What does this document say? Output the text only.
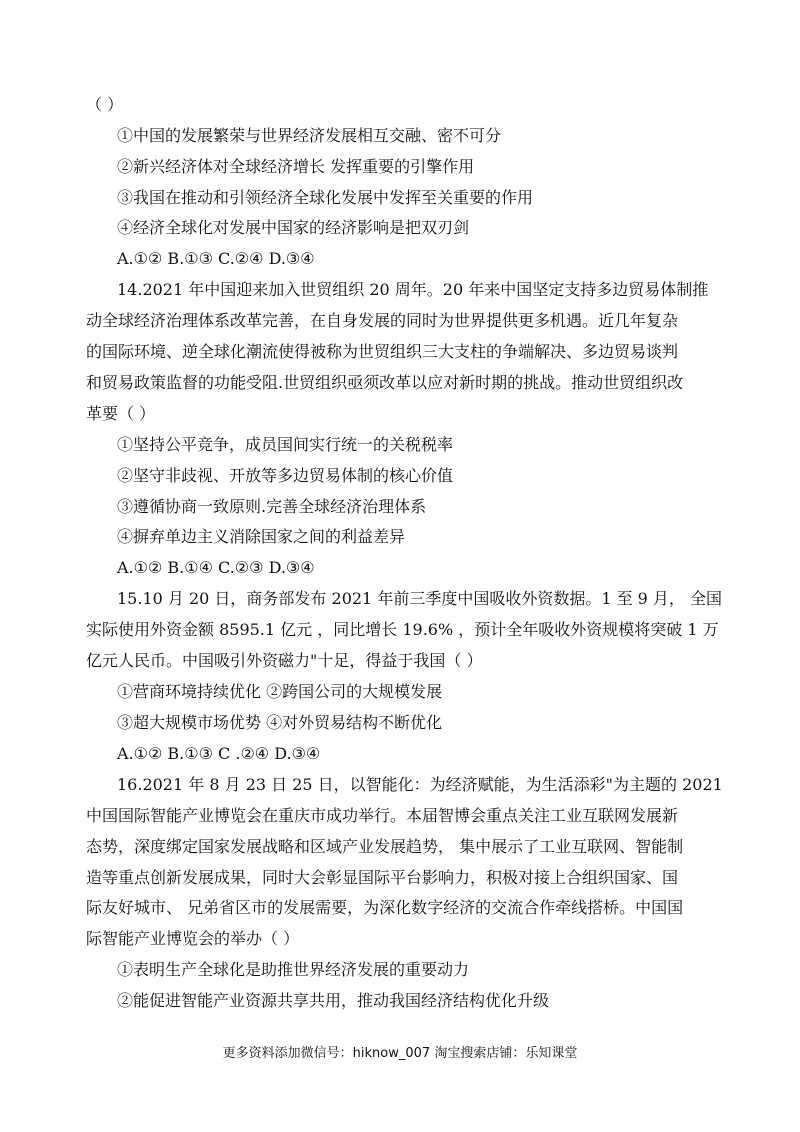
（ ）
①中国的发展繁荣与世界经济发展相互交融、密不可分
②新兴经济体对全球经济增长 发挥重要的引擎作用
③我国在推动和引领经济全球化发展中发挥至关重要的作用
④经济全球化对发展中国家的经济影响是把双刃剑
A.①② B.①③ C.②④ D.③④
14.2021 年中国迎来加入世贸组织 20 周年。20 年来中国坚定支持多边贸易体制推
动全球经济治理体系改革完善，在自身发展的同时为世界提供更多机遇。近几年复杂
的国际环境、逆全球化潮流使得被称为世贸组织三大支柱的争端解决、多边贸易谈判
和贸易政策监督的功能受阻.世贸组织亟须改革以应对新时期的挑战。推动世贸组织改
革要（ ）
①坚持公平竞争，成员国间实行统一的关税税率
②坚守非歧视、开放等多边贸易体制的核心价值
③遵循协商一致原则.完善全球经济治理体系
④摒弃单边主义消除国家之间的利益差异
A.①② B.①④ C.②③ D.③④
15.10 月 20 日，商务部发布 2021 年前三季度中国吸收外资数据。1 至 9 月， 全国
实际使用外资金额 8595.1 亿元 ，同比增长 19.6% ，预计全年吸收外资规模将突破 1 万
亿元人民币。中国吸引外资磁力"十足，得益于我国（ ）
①营商环境持续优化 ②跨国公司的大规模发展
③超大规模市场优势 ④对外贸易结构不断优化
A.①② B.①③ C .②④ D.③④
16.2021 年 8 月 23 日 25 日，以智能化：为经济赋能，为生活添彩"为主题的 2021
中国国际智能产业博览会在重庆市成功举行。本届智博会重点关注工业互联网发展新
态势，深度绑定国家发展战略和区域产业发展趋势， 集中展示了工业互联网、智能制
造等重点创新发展成果，同时大会彰显国际平台影响力，积极对接上合组织国家、国
际友好城市、 兄弟省区市的发展需要，为深化数字经济的交流合作牵线搭桥。中国国
际智能产业博览会的举办（ ）
①表明生产全球化是助推世界经济发展的重要动力
②能促进智能产业资源共享共用，推动我国经济结构优化升级
更多资料添加微信号：hiknow_007 淘宝搜索店铺：乐知课堂
